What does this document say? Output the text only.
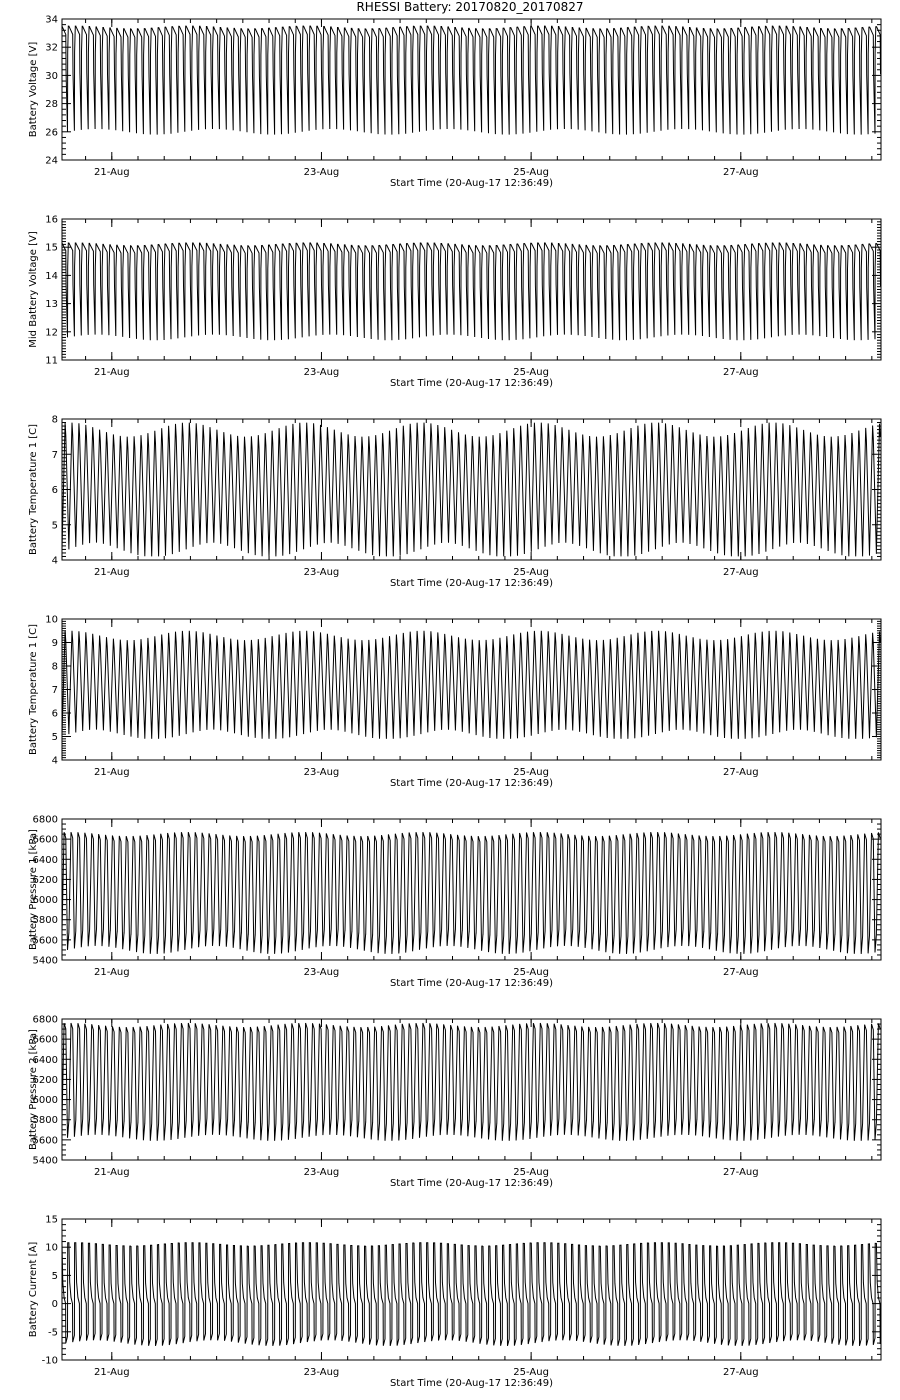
RHESSI Battery: 20170820_20170827
24
26
28
30
32
34
Battery Voltage [V]
21-Aug	23-Aug	25-Aug	27-Aug
Start Time (20-Aug-17 12:36:49)
11
12
13
14
15
16
Mid Battery Voltage [V]
21-Aug	23-Aug	25-Aug	27-Aug
Start Time (20-Aug-17 12:36:49)
4
5
6
7
8
Battery Temperature 1 [C]
21-Aug	23-Aug	25-Aug	27-Aug
Start Time (20-Aug-17 12:36:49)
4
5
6
7
8
9
10
Battery Temperature 1 [C]
21-Aug	23-Aug	25-Aug	27-Aug
Start Time (20-Aug-17 12:36:49)
5400
5600
5800
6000
6200
6400
6600
6800
Battery Pressure 1 [kPa]
21-Aug	23-Aug	25-Aug	27-Aug
Start Time (20-Aug-17 12:36:49)
5400
5600
5800
6000
6200
6400
6600
6800
Battery Pressure 2 [kPa]
21-Aug	23-Aug	25-Aug	27-Aug
Start Time (20-Aug-17 12:36:49)
-10
-5
0
5
10
15
Battery Current [A]
21-Aug	23-Aug	25-Aug	27-Aug
Start Time (20-Aug-17 12:36:49)
